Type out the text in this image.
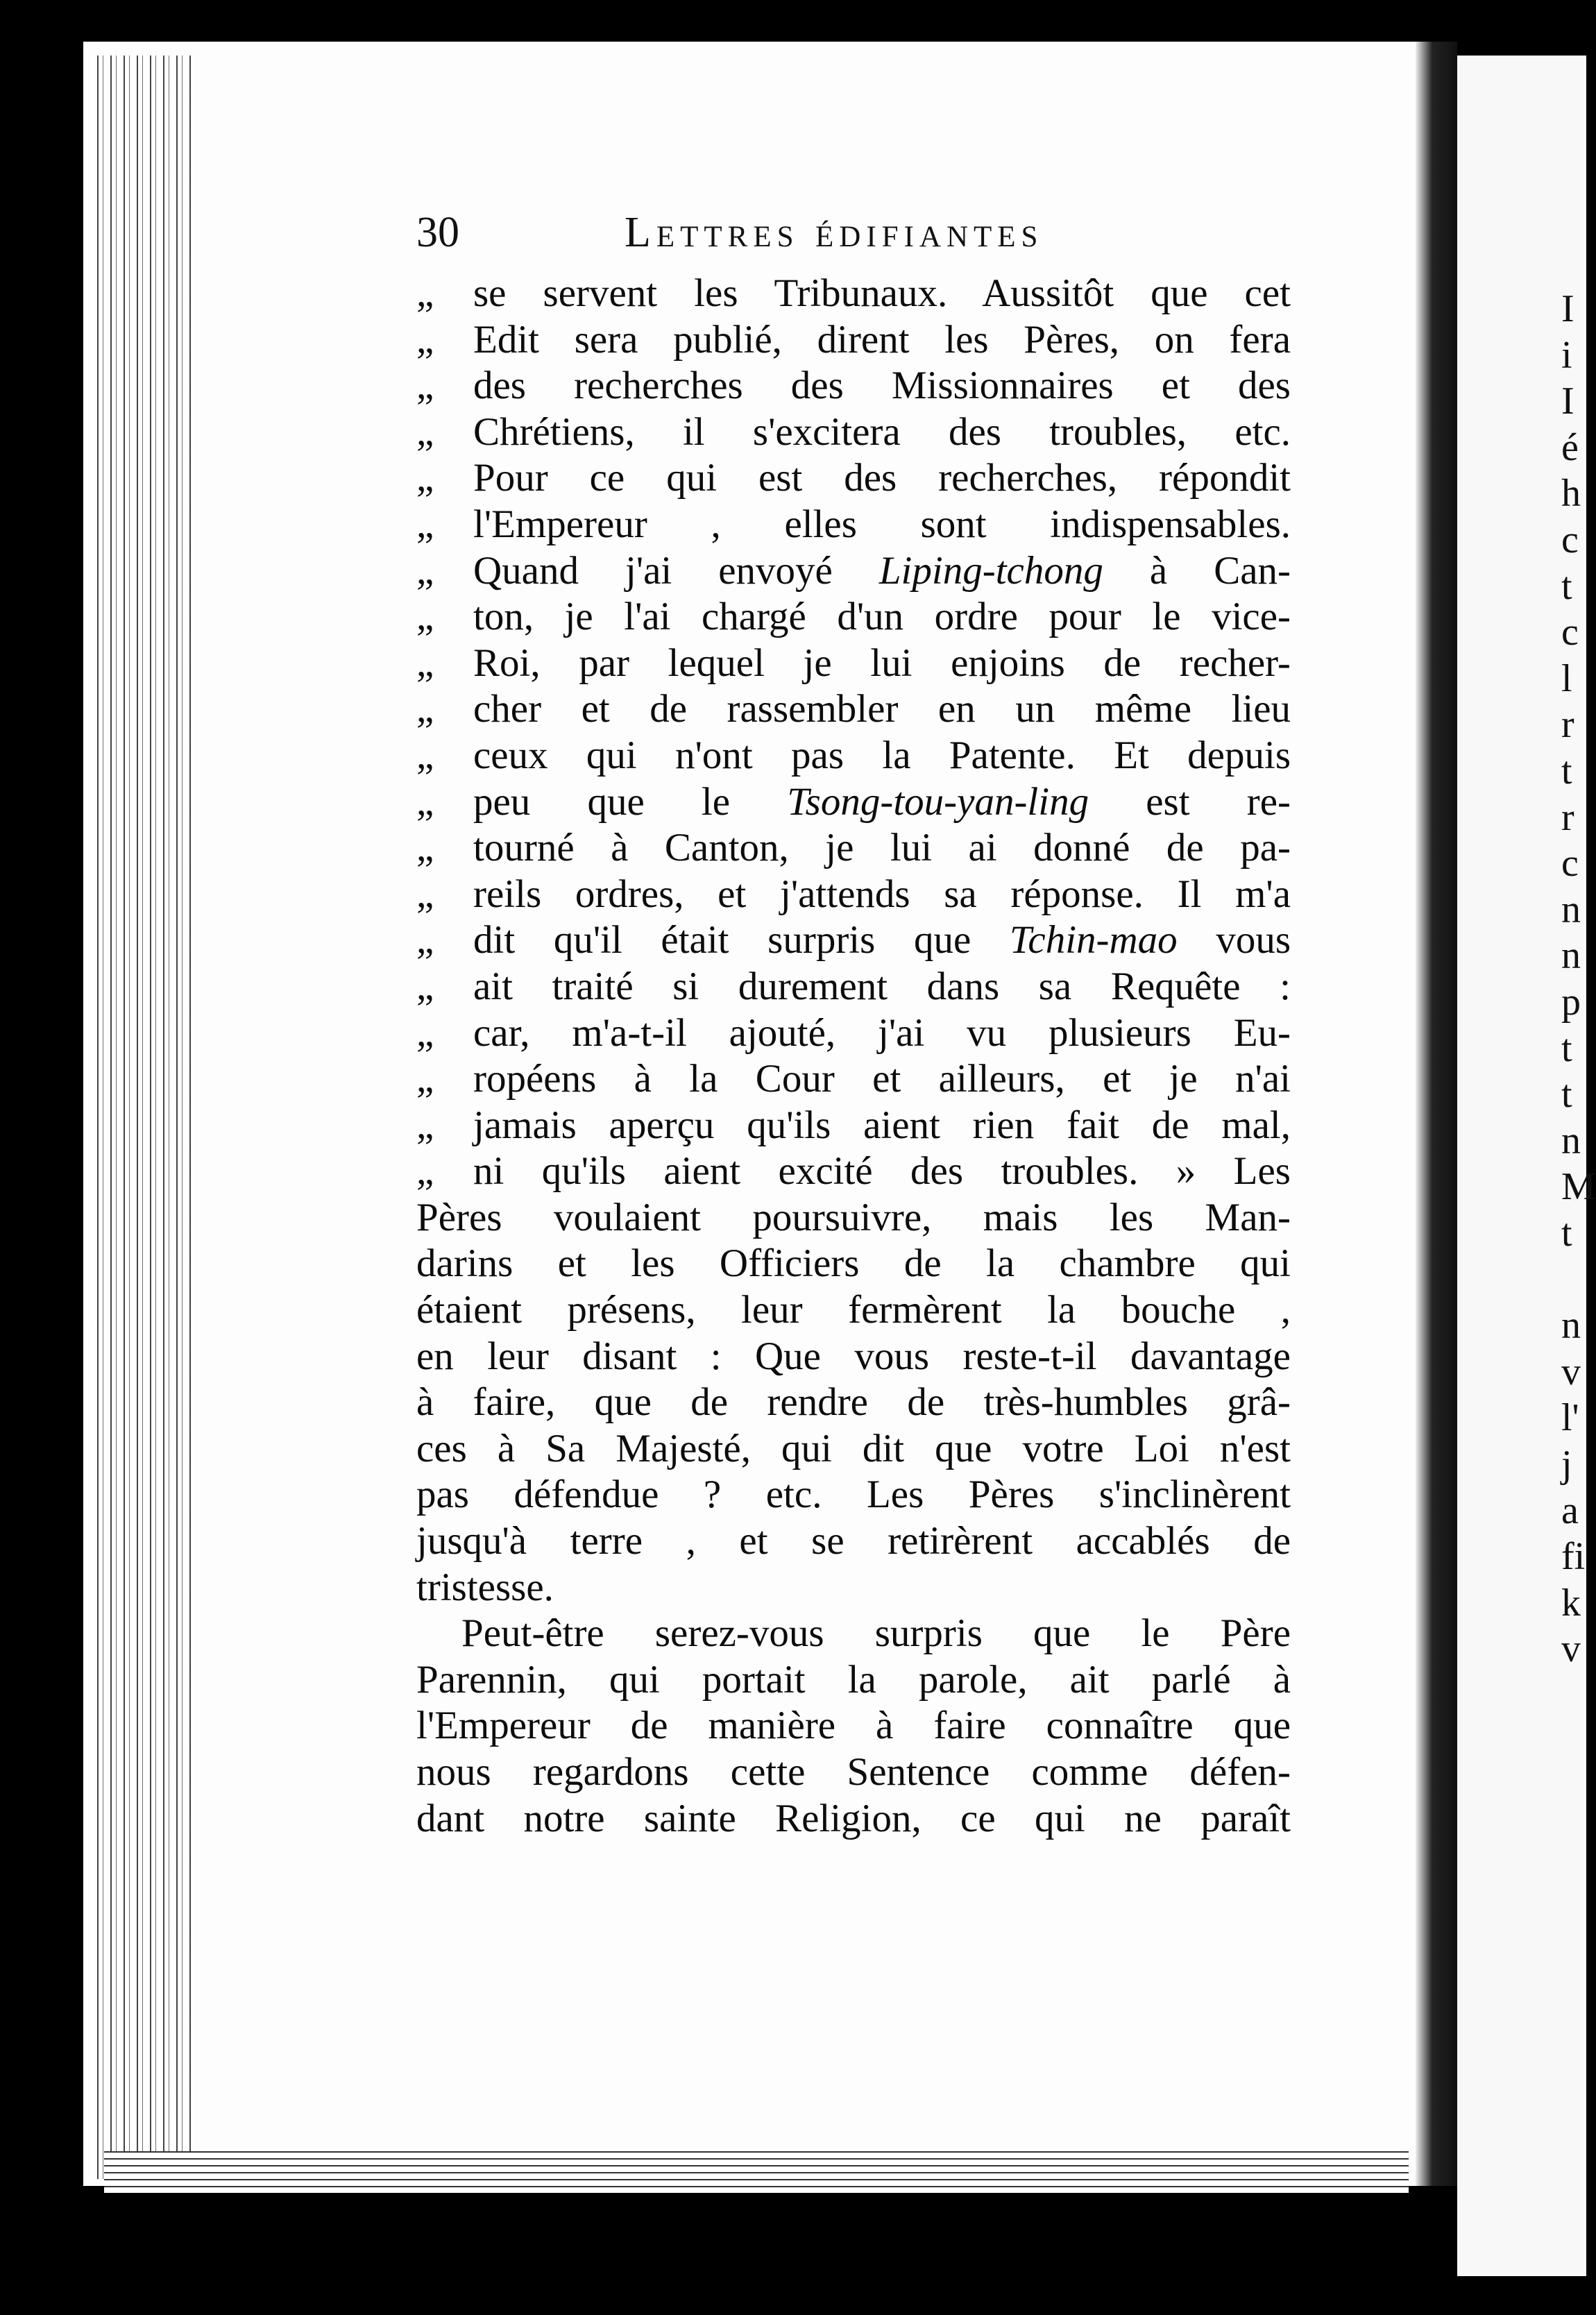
I
i
I
é
h
c
t
c
l
r
t
r
c
n
n
p
t
t
n
M
t
n
v
l'
j
a
fi
k
v
30	Lettres édifiantes
„ se servent les Tribunaux. Aussitôt que cet
„ Edit sera publié, dirent les Pères, on fera
„ des recherches des Missionnaires et des
„ Chrétiens, il s'excitera des troubles, etc.
„ Pour ce qui est des recherches, répondit
„ l'Empereur , elles sont indispensables.
„ Quand j'ai envoyé Liping-tchong à Can-
„ ton, je l'ai chargé d'un ordre pour le vice-
„ Roi, par lequel je lui enjoins de recher-
„ cher et de rassembler en un même lieu
„ ceux qui n'ont pas la Patente. Et depuis
„ peu que le Tsong-tou-yan-ling est re-
„ tourné à Canton, je lui ai donné de pa-
„ reils ordres, et j'attends sa réponse. Il m'a
„ dit qu'il était surpris que Tchin-mao vous
„ ait traité si durement dans sa Requête :
„ car, m'a-t-il ajouté, j'ai vu plusieurs Eu-
„ ropéens à la Cour et ailleurs, et je n'ai
„ jamais aperçu qu'ils aient rien fait de mal,
„ ni qu'ils aient excité des troubles. » Les
Pères voulaient poursuivre, mais les Man-
darins et les Officiers de la chambre qui
étaient présens, leur fermèrent la bouche ,
en leur disant : Que vous reste-t-il davantage
à faire, que de rendre de très-humbles grâ-
ces à Sa Majesté, qui dit que votre Loi n'est
pas défendue ? etc. Les Pères s'inclinèrent
jusqu'à terre , et se retirèrent accablés de
tristesse.
Peut-être serez-vous surpris que le Père
Parennin, qui portait la parole, ait parlé à
l'Empereur de manière à faire connaître que
nous regardons cette Sentence comme défen-
dant notre sainte Religion, ce qui ne paraît
